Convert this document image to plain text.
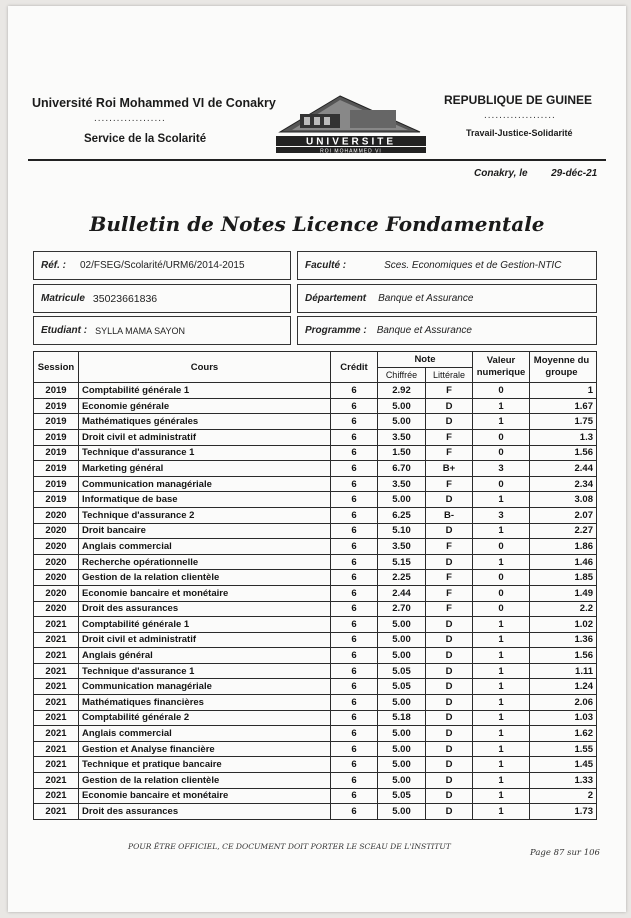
Université Roi Mohammed VI de Conakry
...................
Service de la Scolarité	UNIVERSITE
ROI MOHAMMED VI
REPUBLIQUE DE GUINEE
...................
Travail-Justice-Solidarité
Conakry, le 29-déc-21
Bulletin de Notes Licence Fondamentale
Réf. : 02/FSEG/Scolarité/URM6/2014-2015	Faculté :	Sces. Economiques et de Gestion-NTIC
Matricule 35023661836	Département Banque et Assurance
Etudiant : SYLLA MAMA SAYON	Programme : Banque et Assurance
Session	Cours	Crédit	Note		Valeur numerique	Moyenne du groupe
			Chiffrée	Littérale		
2019	Comptabilité générale 1	6	2.92	F	0	1
2019	Economie générale	6	5.00	D	1	1.67
2019	Mathématiques générales	6	5.00	D	1	1.75
2019	Droit civil et administratif	6	3.50	F	0	1.3
2019	Technique d'assurance 1	6	1.50	F	0	1.56
2019	Marketing général	6	6.70	B+	3	2.44
2019	Communication managériale	6	3.50	F	0	2.34
2019	Informatique de base	6	5.00	D	1	3.08
2020	Technique d'assurance 2	6	6.25	B-	3	2.07
2020	Droit bancaire	6	5.10	D	1	2.27
2020	Anglais commercial	6	3.50	F	0	1.86
2020	Recherche opérationnelle	6	5.15	D	1	1.46
2020	Gestion de la relation clientèle	6	2.25	F	0	1.85
2020	Economie bancaire et monétaire	6	2.44	F	0	1.49
2020	Droit des assurances	6	2.70	F	0	2.2
2021	Comptabilité générale 1	6	5.00	D	1	1.02
2021	Droit civil et administratif	6	5.00	D	1	1.36
2021	Anglais général	6	5.00	D	1	1.56
2021	Technique d'assurance 1	6	5.05	D	1	1.11
2021	Communication managériale	6	5.05	D	1	1.24
2021	Mathématiques financières	6	5.00	D	1	2.06
2021	Comptabilité générale 2	6	5.18	D	1	1.03
2021	Anglais commercial	6	5.00	D	1	1.62
2021	Gestion et Analyse financière	6	5.00	D	1	1.55
2021	Technique et pratique bancaire	6	5.00	D	1	1.45
2021	Gestion de la relation clientèle	6	5.00	D	1	1.33
2021	Economie bancaire et monétaire	6	5.05	D	1	2
2021	Droit des assurances	6	5.00	D	1	1.73
POUR ÊTRE OFFICIEL, CE DOCUMENT DOIT PORTER LE SCEAU DE L'INSTITUT
Page 87 sur 106
